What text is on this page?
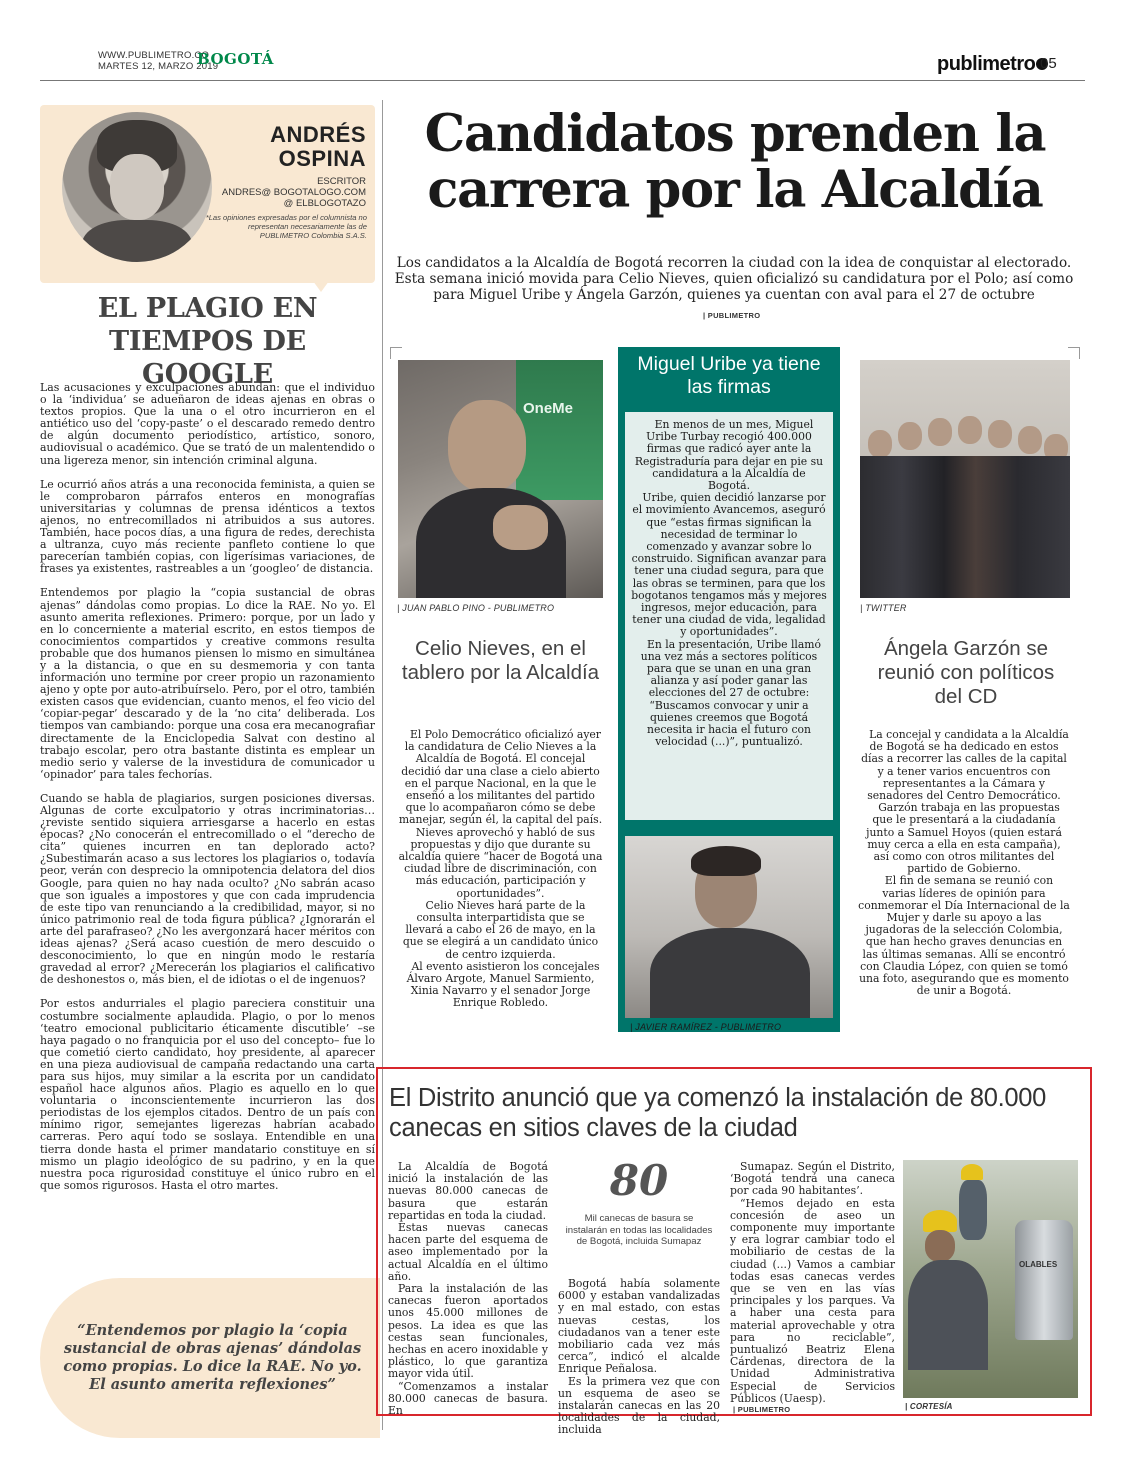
WWW.PUBLIMETRO.CO
MARTES 12, MARZO 2019
BOGOTÁ	publimetro 05
ANDRÉS
OSPINA
ESCRITOR
ANDRES@ BOGOTALOGO.COM
@ ELBLOGOTAZO
*Las opiniones expresadas por el columnista no representan necesariamente las de PUBLIMETRO Colombia S.A.S.
EL PLAGIO EN TIEMPOS DE GOOGLE

Las acusaciones y exculpaciones abundan: que el individuo o la ‘individua’ se adueñaron de ideas ajenas en obras o textos propios. Que la una o el otro incurrieron en el antiético uso del ‘copy-paste’ o el descarado remedo dentro de algún documento periodístico, artístico, sonoro, audiovisual o académico. Que se trató de un malentendido o una ligereza menor, sin intención criminal alguna.

Le ocurrió años atrás a una reconocida feminista, a quien se le comprobaron párrafos enteros en monografías universitarias y columnas de prensa idénticos a textos ajenos, no entrecomillados ni atribuidos a sus autores. También, hace pocos días, a una figura de redes, derechista a ultranza, cuyo más reciente panfleto contiene lo que parecerían también copias, con ligerísimas variaciones, de frases ya existentes, rastreables a un ‘googleo’ de distancia.

Entendemos por plagio la “copia sustancial de obras ajenas” dándolas como propias. Lo dice la RAE. No yo. El asunto amerita reflexiones. Primero: porque, por un lado y en lo concerniente a material escrito, en estos tiempos de conocimientos compartidos y creative commons resulta probable que dos humanos piensen lo mismo en simultánea y a la distancia, o que en su desmemoria y con tanta información uno termine por creer propio un razonamiento ajeno y opte por auto-atribuírselo. Pero, por el otro, también existen casos que evidencian, cuanto menos, el feo vicio del ‘copiar-pegar’ descarado y de la ‘no cita’ deliberada. Los tiempos van cambiando: porque una cosa era mecanografiar directamente de la Enciclopedia Salvat con destino al trabajo escolar, pero otra bastante distinta es emplear un medio serio y valerse de la investidura de comunicador u ‘opinador’ para tales fechorías.

Cuando se habla de plagiarios, surgen posiciones diversas. Algunas de corte exculpatorio y otras incriminatorias… ¿reviste sentido siquiera arriesgarse a hacerlo en estas épocas? ¿No conocerán el entrecomillado o el “derecho de cita” quienes incurren en tan deplorado acto? ¿Subestimarán acaso a sus lectores los plagiarios o, todavía peor, verán con desprecio la omnipotencia delatora del dios Google, para quien no hay nada oculto? ¿No sabrán acaso que son iguales a impostores y que con cada imprudencia de este tipo van renunciando a la credibilidad, mayor, si no único patrimonio real de toda figura pública? ¿Ignorarán el arte del parafraseo? ¿No les avergonzará hacer méritos con ideas ajenas? ¿Será acaso cuestión de mero descuido o desconocimiento, lo que en ningún modo le restaría gravedad al error? ¿Merecerán los plagiarios el calificativo de deshonestos o, más bien, el de idiotas o el de ingenuos?

Por estos andurriales el plagio pareciera constituir una costumbre socialmente aplaudida. Plagio, o por lo menos ‘teatro emocional publicitario éticamente discutible’ –se haya pagado o no franquicia por el uso del concepto– fue lo que cometió cierto candidato, hoy presidente, al aparecer en una pieza audiovisual de campaña redactando una carta para sus hijos, muy similar a la escrita por un candidato español hace algunos años. Plagio es aquello en lo que voluntaria o inconscientemente incurrieron las dos periodistas de los ejemplos citados. Dentro de un país con mínimo rigor, semejantes ligerezas habrían acabado carreras. Pero aquí todo se soslaya. Entendible en una tierra donde hasta el primer mandatario constituye en sí mismo un plagio ideológico de su padrino, y en la que nuestra poca rigurosidad constituye el único rubro en el que somos rigurosos. Hasta el otro martes.

“Entendemos por plagio la ‘copia sustancial de obras ajenas’ dándolas como propias. Lo dice la RAE. No yo. El asunto amerita reflexiones”
Candidatos prenden la
carrera por la Alcaldía
Los candidatos a la Alcaldía de Bogotá recorren la ciudad con la idea de conquistar al electorado. Esta semana inició movida para Celio Nieves, quien oficializó su candidatura por el Polo; así como para Miguel Uribe y Ángela Garzón, quienes ya cuentan con aval para el 27 de octubre
| PUBLIMETRO
OneMe
| JUAN PABLO PINO - PUBLIMETRO
Celio Nieves, en el tablero por la Alcaldía

El Polo Democrático oficializó ayer la candidatura de Celio Nieves a la Alcaldía de Bogotá. El concejal decidió dar una clase a cielo abierto en el parque Nacional, en la que le enseñó a los militantes del partido que lo acompañaron cómo se debe manejar, según él, la capital del país.

Nieves aprovechó y habló de sus propuestas y dijo que durante su alcaldía quiere “hacer de Bogotá una ciudad libre de discriminación, con más educación, participación y oportunidades”.

Celio Nieves hará parte de la consulta interpartidista que se llevará a cabo el 26 de mayo, en la que se elegirá a un candidato único de centro izquierda.

Al evento asistieron los concejales Álvaro Argote, Manuel Sarmiento, Xinia Navarro y el senador Jorge Enrique Robledo.

Miguel Uribe ya tiene las firmas

En menos de un mes, Miguel Uribe Turbay recogió 400.000 firmas que radicó ayer ante la Registraduría para dejar en pie su candidatura a la Alcaldía de Bogotá.

Uribe, quien decidió lanzarse por el movimiento Avancemos, aseguró que “estas firmas significan la necesidad de terminar lo comenzado y avanzar sobre lo construido. Significan avanzar para tener una ciudad segura, para que las obras se terminen, para que los bogotanos tengamos más y mejores ingresos, mejor educación, para tener una ciudad de vida, legalidad y oportunidades”.

En la presentación, Uribe llamó una vez más a sectores políticos para que se unan en una gran alianza y así poder ganar las elecciones del 27 de octubre: “Buscamos convocar y unir a quienes creemos que Bogotá necesita ir hacia el futuro con velocidad (...)”, puntualizó.

| JAVIER RAMÍREZ - PUBLIMETRO
| TWITTER
Ángela Garzón se reunió con políticos del CD

La concejal y candidata a la Alcaldía de Bogotá se ha dedicado en estos días a recorrer las calles de la capital y a tener varios encuentros con representantes a la Cámara y senadores del Centro Democrático.

Garzón trabaja en las propuestas que le presentará a la ciudadanía junto a Samuel Hoyos (quien estará muy cerca a ella en esta campaña), así como con otros militantes del partido de Gobierno.

El fin de semana se reunió con varias líderes de opinión para conmemorar el Día Internacional de la Mujer y darle su apoyo a las jugadoras de la selección Colombia, que han hecho graves denuncias en las últimas semanas. Allí se encontró con Claudia López, con quien se tomó una foto, asegurando que es momento de unir a Bogotá.

El Distrito anunció que ya comenzó la instalación de 80.000 canecas en sitios claves de la ciudad

La Alcaldía de Bogotá inició la instalación de las nuevas 80.000 canecas de basura que estarán repartidas en toda la ciudad.

Estas nuevas canecas hacen parte del esquema de aseo implementado por la actual Alcaldía en el último año.

Para la instalación de las canecas fueron aportados unos 45.000 millones de pesos. La idea es que las cestas sean funcionales, hechas en acero inoxidable y plástico, lo que garantiza mayor vida útil.

“Comenzamos a instalar 80.000 canecas de basura. En

80
Mil canecas de basura se instalarán en todas las localidades de Bogotá, incluida Sumapaz

Bogotá había solamente 6000 y estaban vandalizadas y en mal estado, con estas nuevas cestas, los ciudadanos van a tener este mobiliario cada vez más cerca”, indicó el alcalde Enrique Peñalosa.

Es la primera vez que con un esquema de aseo se instalarán canecas en las 20 localidades de la ciudad, incluida

Sumapaz. Según el Distrito, ‘Bogotá tendrá una caneca por cada 90 habitantes’.

“Hemos dejado en esta concesión de aseo un componente muy importante y era lograr cambiar todo el mobiliario de cestas de la ciudad (...) Vamos a cambiar todas esas canecas verdes que se ven en las vías principales y los parques. Va a haber una cesta para material aprovechable y otra para no reciclable”, puntualizó Beatriz Elena Cárdenas, directora de la Unidad Administrativa Especial de Servicios Públicos (Uaesp).

| PUBLIMETRO
OLABLES
| CORTESÍA
